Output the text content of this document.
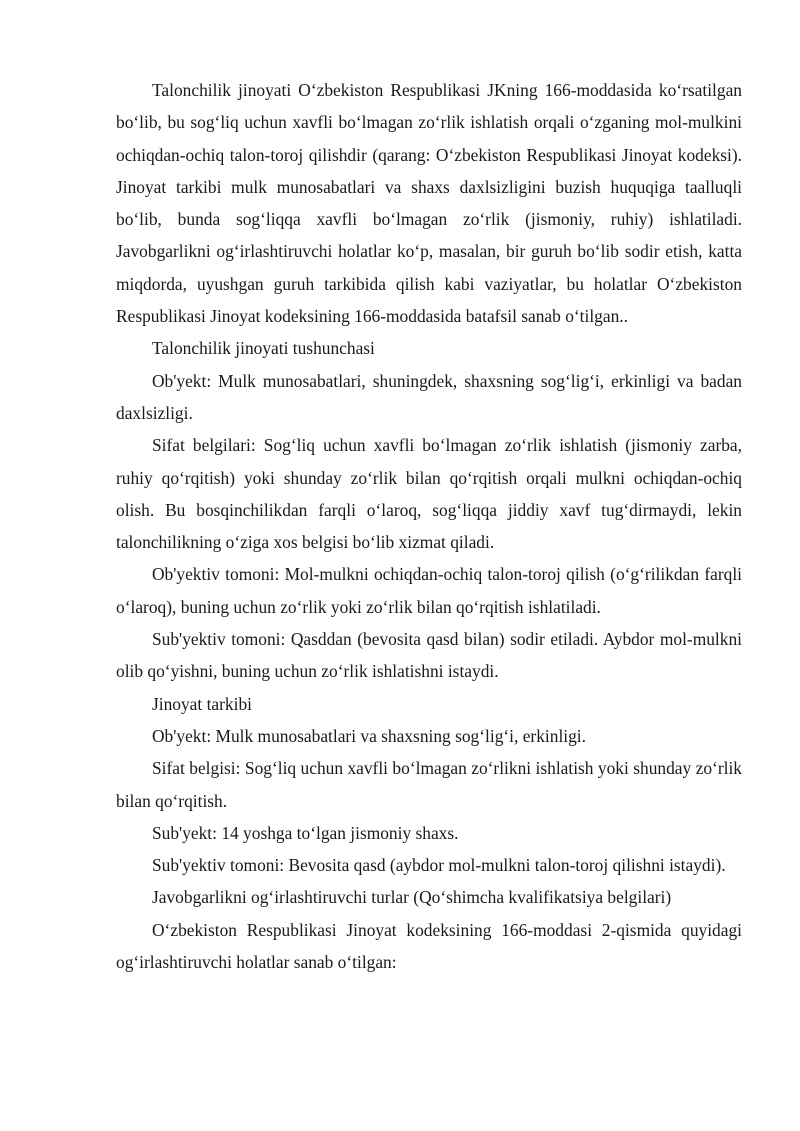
Talonchilik jinoyati O‘zbekiston Respublikasi JKning 166-moddasida ko‘rsatilgan bo‘lib, bu sog‘liq uchun xavfli bo‘lmagan zo‘rlik ishlatish orqali o‘zganing mol-mulkini ochiqdan-ochiq talon-toroj qilishdir (qarang: O‘zbekiston Respublikasi Jinoyat kodeksi). Jinoyat tarkibi mulk munosabatlari va shaxs daxlsizligini buzish huquqiga taalluqli bo‘lib, bunda sog‘liqqa xavfli bo‘lmagan zo‘rlik (jismoniy, ruhiy) ishlatiladi. Javobgarlikni og‘irlashtiruvchi holatlar ko‘p, masalan, bir guruh bo‘lib sodir etish, katta miqdorda, uyushgan guruh tarkibida qilish kabi vaziyatlar, bu holatlar O‘zbekiston Respublikasi Jinoyat kodeksining 166-moddasida batafsil sanab o‘tilgan..

Talonchilik jinoyati tushunchasi

Ob'yekt: Mulk munosabatlari, shuningdek, shaxsning sog‘lig‘i, erkinligi va badan daxlsizligi.

Sifat belgilari: Sog‘liq uchun xavfli bo‘lmagan zo‘rlik ishlatish (jismoniy zarba, ruhiy qo‘rqitish) yoki shunday zo‘rlik bilan qo‘rqitish orqali mulkni ochiqdan-ochiq olish. Bu bosqinchilikdan farqli o‘laroq, sog‘liqqa jiddiy xavf tug‘dirmaydi, lekin talonchilikning o‘ziga xos belgisi bo‘lib xizmat qiladi.

Ob'yektiv tomoni: Mol-mulkni ochiqdan-ochiq talon-toroj qilish (o‘g‘rilikdan farqli o‘laroq), buning uchun zo‘rlik yoki zo‘rlik bilan qo‘rqitish ishlatiladi.

Sub'yektiv tomoni: Qasddan (bevosita qasd bilan) sodir etiladi. Aybdor mol-mulkni olib qo‘yishni, buning uchun zo‘rlik ishlatishni istaydi.

Jinoyat tarkibi

Ob'yekt: Mulk munosabatlari va shaxsning sog‘lig‘i, erkinligi.

Sifat belgisi: Sog‘liq uchun xavfli bo‘lmagan zo‘rlikni ishlatish yoki shunday zo‘rlik bilan qo‘rqitish.

Sub'yekt: 14 yoshga to‘lgan jismoniy shaxs.

Sub'yektiv tomoni: Bevosita qasd (aybdor mol-mulkni talon-toroj qilishni istaydi).

Javobgarlikni og‘irlashtiruvchi turlar (Qo‘shimcha kvalifikatsiya belgilari)

O‘zbekiston Respublikasi Jinoyat kodeksining 166-moddasi 2-qismida quyidagi og‘irlashtiruvchi holatlar sanab o‘tilgan:
